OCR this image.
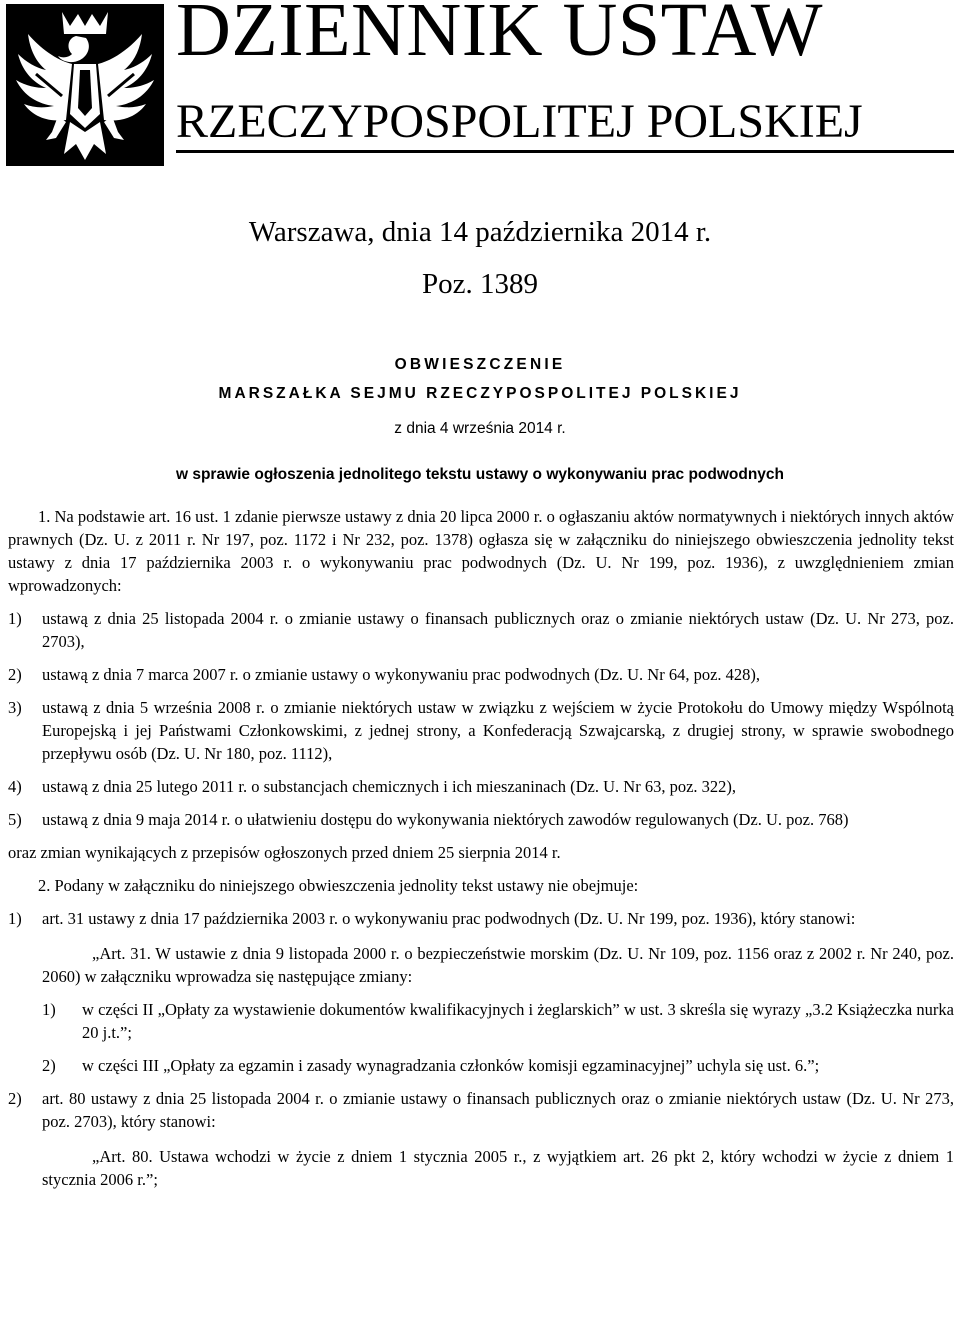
DZIENNIK USTAW
RZECZYPOSPOLITEJ POLSKIEJ
Warszawa, dnia 14 października 2014 r.
Poz. 1389
OBWIESZCZENIE
MARSZAŁKA SEJMU RZECZYPOSPOLITEJ POLSKIEJ
z dnia 4 września 2014 r.
w sprawie ogłoszenia jednolitego tekstu ustawy o wykonywaniu prac podwodnych

1. Na podstawie art. 16 ust. 1 zdanie pierwsze ustawy z dnia 20 lipca 2000 r. o ogłaszaniu aktów normatywnych i niektórych innych aktów prawnych (Dz. U. z 2011 r. Nr 197, poz. 1172 i Nr 232, poz. 1378) ogłasza się w załączniku do niniejszego obwieszczenia jednolity tekst ustawy z dnia 17 października 2003 r. o wykonywaniu prac podwodnych (Dz. U. Nr 199, poz. 1936), z uwzględnieniem zmian wprowadzonych:

1)	ustawą z dnia 25 listopada 2004 r. o zmianie ustawy o finansach publicznych oraz o zmianie niektórych ustaw (Dz. U. Nr 273, poz. 2703),
2)	ustawą z dnia 7 marca 2007 r. o zmianie ustawy o wykonywaniu prac podwodnych (Dz. U. Nr 64, poz. 428),
3)	ustawą z dnia 5 września 2008 r. o zmianie niektórych ustaw w związku z wejściem w życie Protokołu do Umowy między Wspólnotą Europejską i jej Państwami Członkowskimi, z jednej strony, a Konfederacją Szwajcarską, z drugiej strony, w sprawie swobodnego przepływu osób (Dz. U. Nr 180, poz. 1112),
4)	ustawą z dnia 25 lutego 2011 r. o substancjach chemicznych i ich mieszaninach (Dz. U. Nr 63, poz. 322),
5)	ustawą z dnia 9 maja 2014 r. o ułatwieniu dostępu do wykonywania niektórych zawodów regulowanych (Dz. U. poz. 768)

oraz zmian wynikających z przepisów ogłoszonych przed dniem 25 sierpnia 2014 r.

2. Podany w załączniku do niniejszego obwieszczenia jednolity tekst ustawy nie obejmuje:

1)	art. 31 ustawy z dnia 17 października 2003 r. o wykonywaniu prac podwodnych (Dz. U. Nr 199, poz. 1936), który stanowi:

„Art. 31. W ustawie z dnia 9 listopada 2000 r. o bezpieczeństwie morskim (Dz. U. Nr 109, poz. 1156 oraz z 2002 r. Nr 240, poz. 2060) w załączniku wprowadza się następujące zmiany:

1)	w części II „Opłaty za wystawienie dokumentów kwalifikacyjnych i żeglarskich” w ust. 3 skreśla się wyrazy „3.2 Książeczka nurka 20 j.t.”;
2)	w części III „Opłaty za egzamin i zasady wynagradzania członków komisji egzaminacyjnej” uchyla się ust. 6.”;
2)	art. 80 ustawy z dnia 25 listopada 2004 r. o zmianie ustawy o finansach publicznych oraz o zmianie niektórych ustaw (Dz. U. Nr 273, poz. 2703), który stanowi:

„Art. 80. Ustawa wchodzi w życie z dniem 1 stycznia 2005 r., z wyjątkiem art. 26 pkt 2, który wchodzi w życie z dniem 1 stycznia 2006 r.”;
